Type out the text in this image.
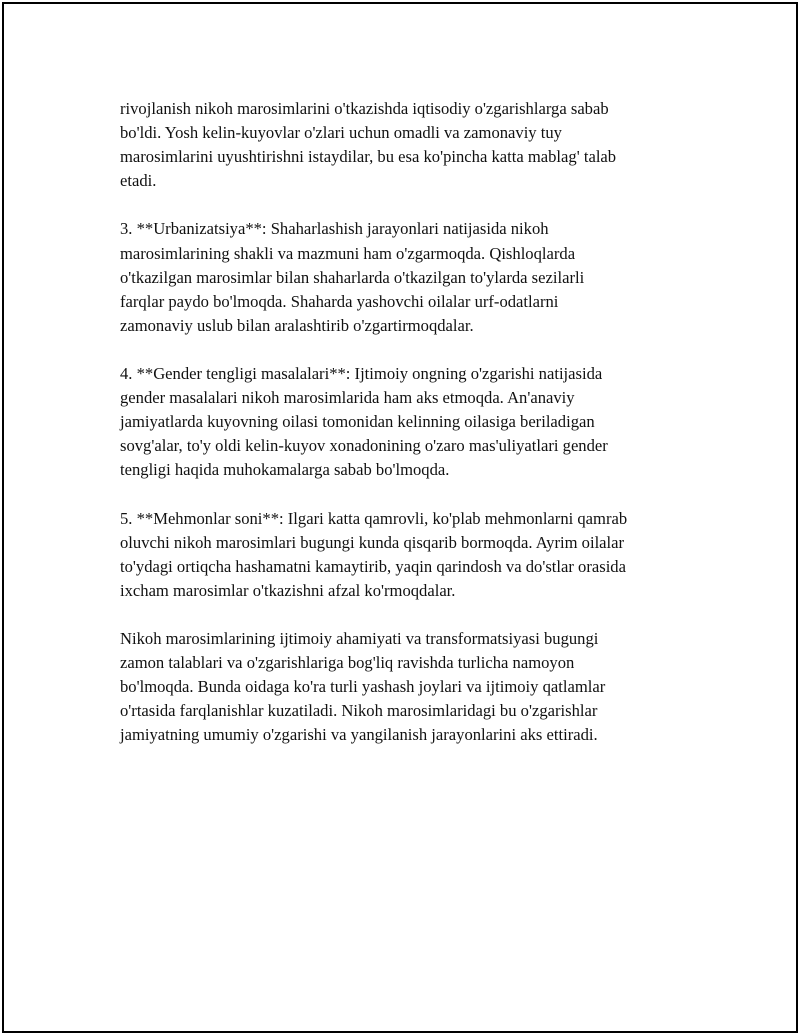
rivojlanish nikoh marosimlarini o'tkazishda iqtisodiy o'zgarishlarga sabab
bo'ldi. Yosh kelin-kuyovlar o'zlari uchun omadli va zamonaviy tuy
marosimlarini uyushtirishni istaydilar, bu esa ko'pincha katta mablag' talab
etadi.

3. **Urbanizatsiya**: Shaharlashish jarayonlari natijasida nikoh
marosimlarining shakli va mazmuni ham o'zgarmoqda. Qishloqlarda
o'tkazilgan marosimlar bilan shaharlarda o'tkazilgan to'ylarda sezilarli
farqlar paydo bo'lmoqda. Shaharda yashovchi oilalar urf-odatlarni
zamonaviy uslub bilan aralashtirib o'zgartirmoqdalar.

4. **Gender tengligi masalalari**: Ijtimoiy ongning o'zgarishi natijasida
gender masalalari nikoh marosimlarida ham aks etmoqda. An'anaviy
jamiyatlarda kuyovning oilasi tomonidan kelinning oilasiga beriladigan
sovg'alar, to'y oldi kelin-kuyov xonadonining o'zaro mas'uliyatlari gender
tengligi haqida muhokamalarga sabab bo'lmoqda.

5. **Mehmonlar soni**: Ilgari katta qamrovli, ko'plab mehmonlarni qamrab
oluvchi nikoh marosimlari bugungi kunda qisqarib bormoqda. Ayrim oilalar
to'ydagi ortiqcha hashamatni kamaytirib, yaqin qarindosh va do'stlar orasida
ixcham marosimlar o'tkazishni afzal ko'rmoqdalar.

Nikoh marosimlarining ijtimoiy ahamiyati va transformatsiyasi bugungi
zamon talablari va o'zgarishlariga bog'liq ravishda turlicha namoyon
bo'lmoqda. Bunda oidaga ko'ra turli yashash joylari va ijtimoiy qatlamlar
o'rtasida farqlanishlar kuzatiladi. Nikoh marosimlaridagi bu o'zgarishlar
jamiyatning umumiy o'zgarishi va yangilanish jarayonlarini aks ettiradi.
